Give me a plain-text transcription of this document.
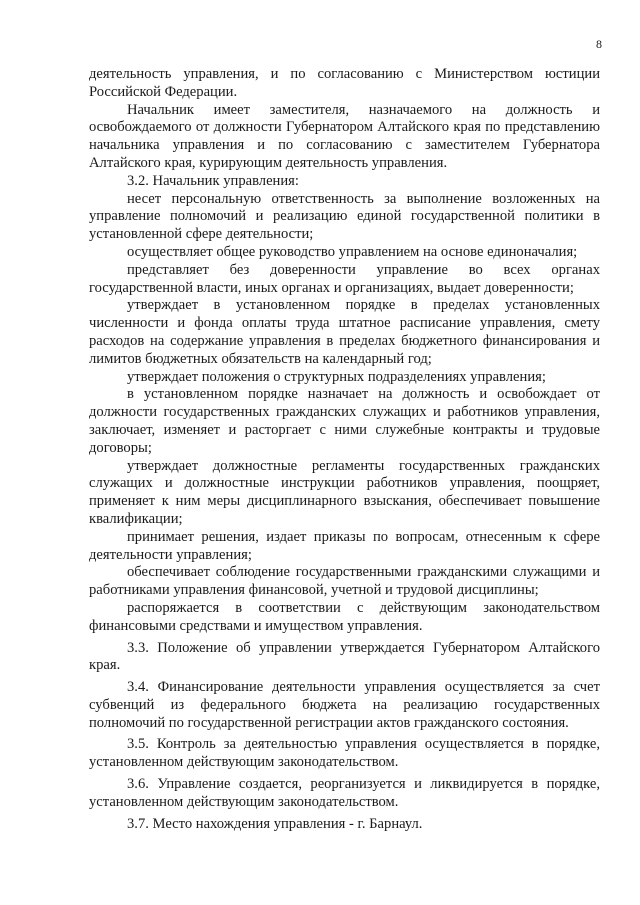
8

деятельность управления, и по согласованию с Министерством юстиции Российской Федерации.

Начальник имеет заместителя, назначаемого на должность и освобождаемого от должности Губернатором Алтайского края по представлению начальника управления и по согласованию с заместителем Губернатора Алтайского края, курирующим деятельность управления.

3.2. Начальник управления:

несет персональную ответственность за выполнение возложенных на управление полномочий и реализацию единой государственной политики в установленной сфере деятельности;

осуществляет общее руководство управлением на основе единоначалия;

представляет без доверенности управление во всех органах государственной власти, иных органах и организациях, выдает доверенности;

утверждает в установленном порядке в пределах установленных численности и фонда оплаты труда штатное расписание управления, смету расходов на содержание управления в пределах бюджетного финансирования и лимитов бюджетных обязательств на календарный год;

утверждает положения о структурных подразделениях управления;

в установленном порядке назначает на должность и освобождает от должности государственных гражданских служащих и работников управления, заключает, изменяет и расторгает с ними служебные контракты и трудовые договоры;

утверждает должностные регламенты государственных гражданских служащих и должностные инструкции работников управления, поощряет, применяет к ним меры дисциплинарного взыскания, обеспечивает повышение квалификации;

принимает решения, издает приказы по вопросам, отнесенным к сфере деятельности управления;

обеспечивает соблюдение государственными гражданскими служащими и работниками управления финансовой, учетной и трудовой дисциплины;

распоряжается в соответствии с действующим законодательством финансовыми средствами и имуществом управления.

3.3. Положение об управлении утверждается Губернатором Алтайского края.

3.4. Финансирование деятельности управления осуществляется за счет субвенций из федерального бюджета на реализацию государственных полномочий по государственной регистрации актов гражданского состояния.

3.5. Контроль за деятельностью управления осуществляется в порядке, установленном действующим законодательством.

3.6. Управление создается, реорганизуется и ликвидируется в порядке, установленном действующим законодательством.

3.7. Место нахождения управления - г. Барнаул.
